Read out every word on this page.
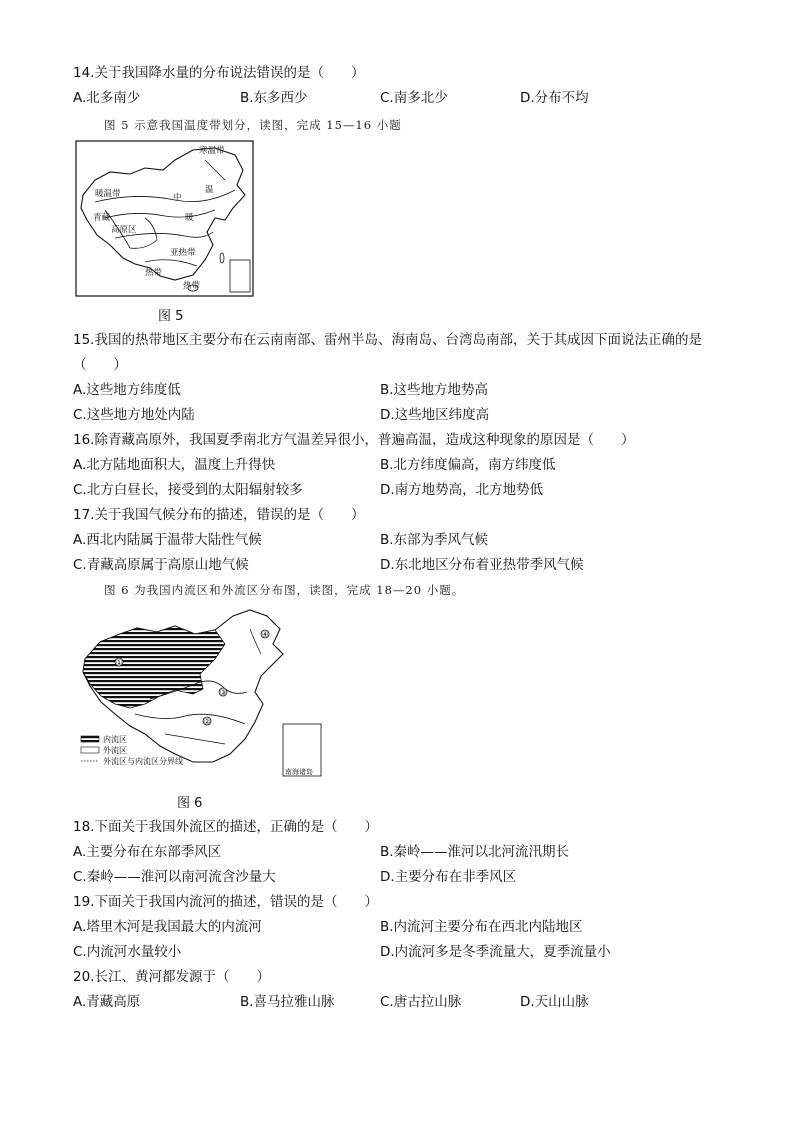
14.关于我国降水量的分布说法错误的是（　　）
A.北多南少	B.东多西少	C.南多北少	D.分布不均
图 5 示意我国温度带划分，读图，完成 15—16 小题
寒温带
暖温带	中
温
青藏
高原区
暖
亚热带
热带
热带
图 5
15.我国的热带地区主要分布在云南南部、雷州半岛、海南岛、台湾岛南部，关于其成因下面说法正确的是
（　　）
A.这些地方纬度低	B.这些地方地势高
C.这些地方地处内陆	D.这些地区纬度高
16.除青藏高原外，我国夏季南北方气温差异很小，普遍高温，造成这种现象的原因是（　　）
A.北方陆地面积大，温度上升得快	B.北方纬度偏高，南方纬度低
C.北方白昼长，接受到的太阳辐射较多	D.南方地势高，北方地势低
17.关于我国气候分布的描述，错误的是（　　）
A.西北内陆属于温带大陆性气候	B.东部为季风气候
C.青藏高原属于高原山地气候	D.东北地区分布着亚热带季风气候
图 6 为我国内流区和外流区分布图，读图，完成 18—20 小题。
①
②
③
④
内流区
外流区
外流区与内流区分界线
南海诸岛
图 6
18.下面关于我国外流区的描述，正确的是（　　）
A.主要分布在东部季风区	B.秦岭——淮河以北河流汛期长
C.秦岭——淮河以南河流含沙量大	D.主要分布在非季风区
19.下面关于我国内流河的描述，错误的是（　　）
A.塔里木河是我国最大的内流河	B.内流河主要分布在西北内陆地区
C.内流河水量较小	D.内流河多是冬季流量大，夏季流量小
20.长江、黄河都发源于（　　）
A.青藏高原	B.喜马拉雅山脉	C.唐古拉山脉	D.天山山脉
